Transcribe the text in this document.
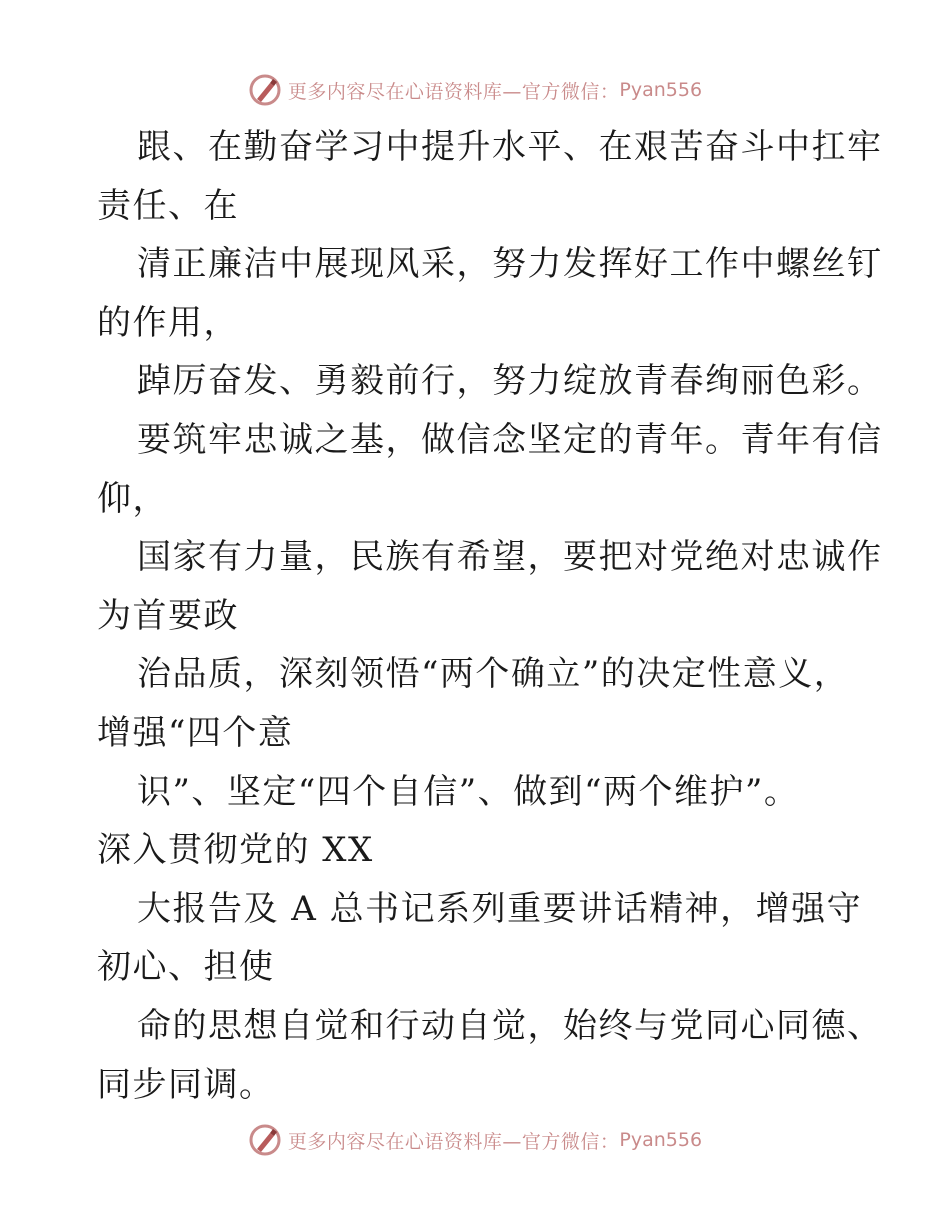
更多内容尽在心语资料库—官方微信： Pyan556
跟、在勤奋学习中提升水平、在艰苦奋斗中扛牢
责任、在
清正廉洁中展现风采，努力发挥好工作中螺丝钉
的作用，
踔厉奋发、勇毅前行，努力绽放青春绚丽色彩。
要筑牢忠诚之基，做信念坚定的青年。青年有信
仰，
国家有力量，民族有希望，要把对党绝对忠诚作
为首要政
治品质，深刻领悟“两个确立”的决定性意义，
增强“四个意
识”、坚定“四个自信”、做到“两个维护”。
深入贯彻党的 XX
大报告及 A 总书记系列重要讲话精神，增强守
初心、担使
命的思想自觉和行动自觉，始终与党同心同德、
同步同调。
更多内容尽在心语资料库—官方微信： Pyan556
